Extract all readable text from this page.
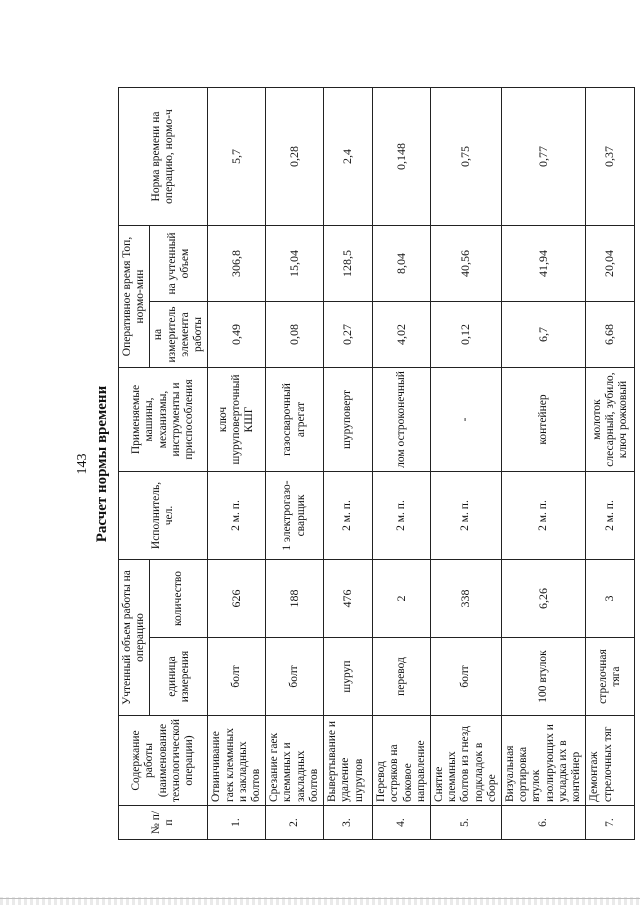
143 Расчет нормы времени
№ п/п	Содержание работы (наименование технологической операции)	Учтенный объем работы на операцию		Исполнитель, чел.	Применяемые машины, механизмы, инструменты и приспособления	Оперативное время Топ, нормо-мин		Норма времени на операцию, нормо-ч
		единица измерения	количество			на измеритель элемента работы	на учтенный объем	
1.	Отвинчивание гаек клеммных и закладных болтов	болт	626	2 м. п.	ключ шуруповерточный КШГ	0,49	306,8	5,7
2.	Срезание гаек клеммных и закладных болтов	болт	188	1 электрогазо-сварщик	газосварочный агрегат	0,08	15,04	0,28
3.	Вывертывание и удаление шурупов	шуруп	476	2 м. п.	шуруповерт	0,27	128,5	2,4
4.	Перевод остряков на боковое направление	перевод	2	2 м. п.	лом остроконечный	4,02	8,04	0,148
5.	Снятие клеммных болтов из гнезд подкладок в сборе	болт	338	2 м. п.	-	0,12	40,56	0,75
6.	Визуальная сортировка втулок изолирующих и укладка их в контейнер	100 втулок	6,26	2 м. п.	контейнер	6,7	41,94	0,77
7.	Демонтаж стрелочных тяг	стрелочная тяга	3	2 м. п.	молоток слесарный, зубило, ключ рожковый	6,68	20,04	0,37
